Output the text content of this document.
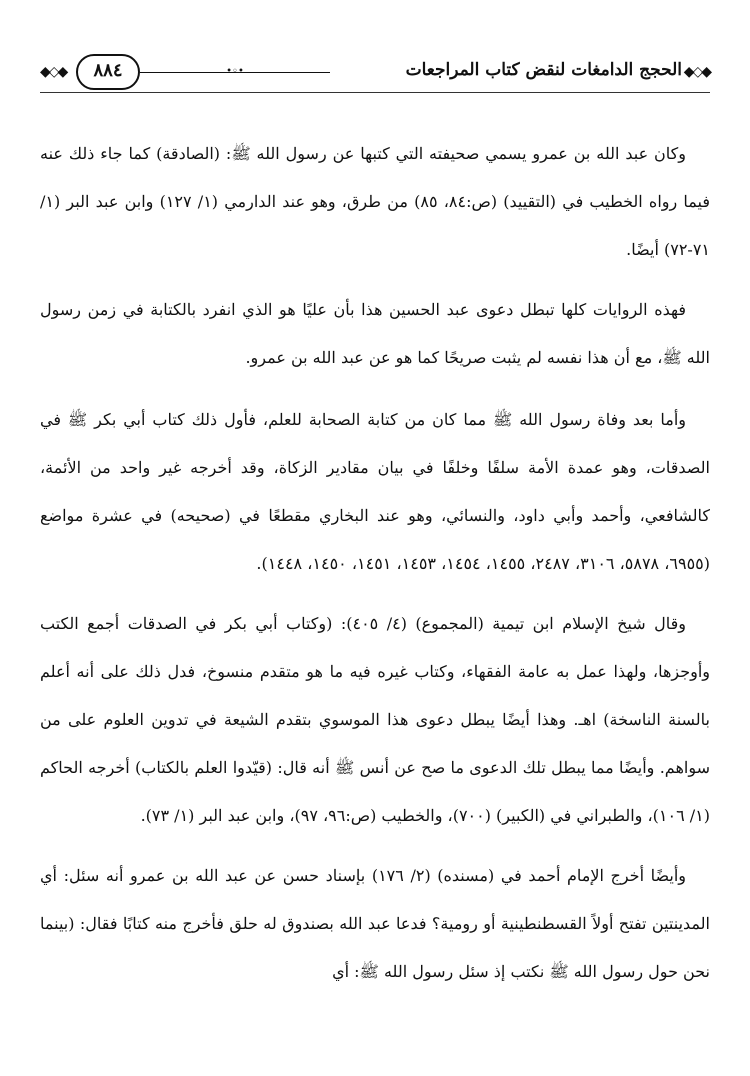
◆◇◆
الحجج الدامغات لنقض كتاب المراجعات
•◦•
٨٨٤
◆◇◆

وكان عبد الله بن عمرو يسمي صحيفته التي كتبها عن رسول الله ﷺ: (الصادقة) كما جاء ذلك عنه فيما رواه الخطيب في (التقييد) (ص:٨٤، ٨٥) من طرق، وهو عند الدارمي (١/ ١٢٧) وابن عبد البر (١/ ٧١-٧٢) أيضًا.

فهذه الروايات كلها تبطل دعوى عبد الحسين هذا بأن عليًا هو الذي انفرد بالكتابة في زمن رسول الله ﷺ، مع أن هذا نفسه لم يثبت صريحًا كما هو عن عبد الله بن عمرو.

وأما بعد وفاة رسول الله ﷺ مما كان من كتابة الصحابة للعلم، فأول ذلك كتاب أبي بكر ﷺ في الصدقات، وهو عمدة الأمة سلفًا وخلفًا في بيان مقادير الزكاة، وقد أخرجه غير واحد من الأئمة، كالشافعي، وأحمد وأبي داود، والنسائي، وهو عند البخاري مقطعًا في (صحيحه) في عشرة مواضع (٦٩٥٥، ٥٨٧٨، ٣١٠٦، ٢٤٨٧، ١٤٥٥، ١٤٥٤، ١٤٥٣، ١٤٥١، ١٤٥٠، ١٤٤٨).

وقال شيخ الإسلام ابن تيمية (المجموع) (٤/ ٤٠٥): (وكتاب أبي بكر في الصدقات أجمع الكتب وأوجزها، ولهذا عمل به عامة الفقهاء، وكتاب غيره فيه ما هو متقدم منسوخ، فدل ذلك على أنه أعلم بالسنة الناسخة) اهـ. وهذا أيضًا يبطل دعوى هذا الموسوي بتقدم الشيعة في تدوين العلوم على من سواهم. وأيضًا مما يبطل تلك الدعوى ما صح عن أنس ﷺ أنه قال: (قيّدوا العلم بالكتاب) أخرجه الحاكم (١/ ١٠٦)، والطبراني في (الكبير) (٧٠٠)، والخطيب (ص:٩٦، ٩٧)، وابن عبد البر (١/ ٧٣).

وأيضًا أخرج الإمام أحمد في (مسنده) (٢/ ١٧٦) بإسناد حسن عن عبد الله بن عمرو أنه سئل: أي المدينتين تفتح أولاً القسطنطينية أو رومية؟ فدعا عبد الله بصندوق له حلق فأخرج منه كتابًا فقال: (بينما نحن حول رسول الله ﷺ نكتب إذ سئل رسول الله ﷺ: أي
